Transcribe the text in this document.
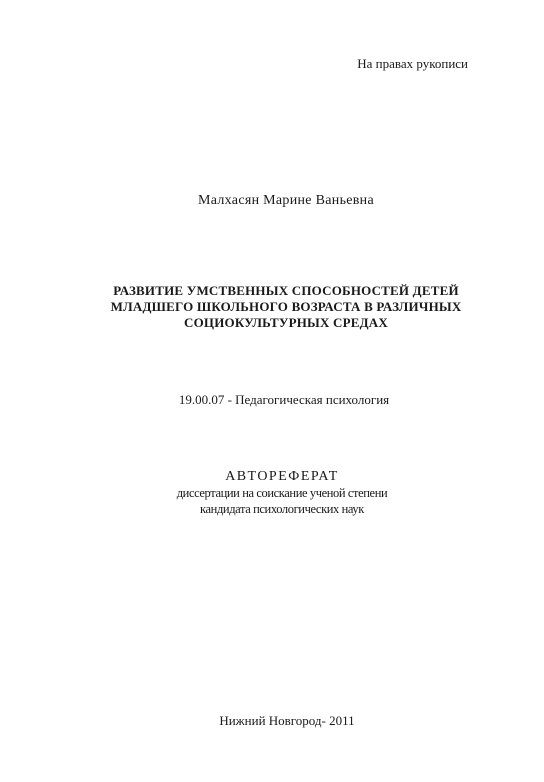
На правах рукописи
Малхасян Марине Ваньевна
РАЗВИТИЕ УМСТВЕННЫХ СПОСОБНОСТЕЙ ДЕТЕЙ
МЛАДШЕГО ШКОЛЬНОГО ВОЗРАСТА В РАЗЛИЧНЫХ
СОЦИОКУЛЬТУРНЫХ СРЕДАХ
19.00.07 - Педагогическая психология
АВТОРЕФЕРАТ
диссертации на соискание ученой степени
кандидата психологических наук
Нижний Новгород- 2011
